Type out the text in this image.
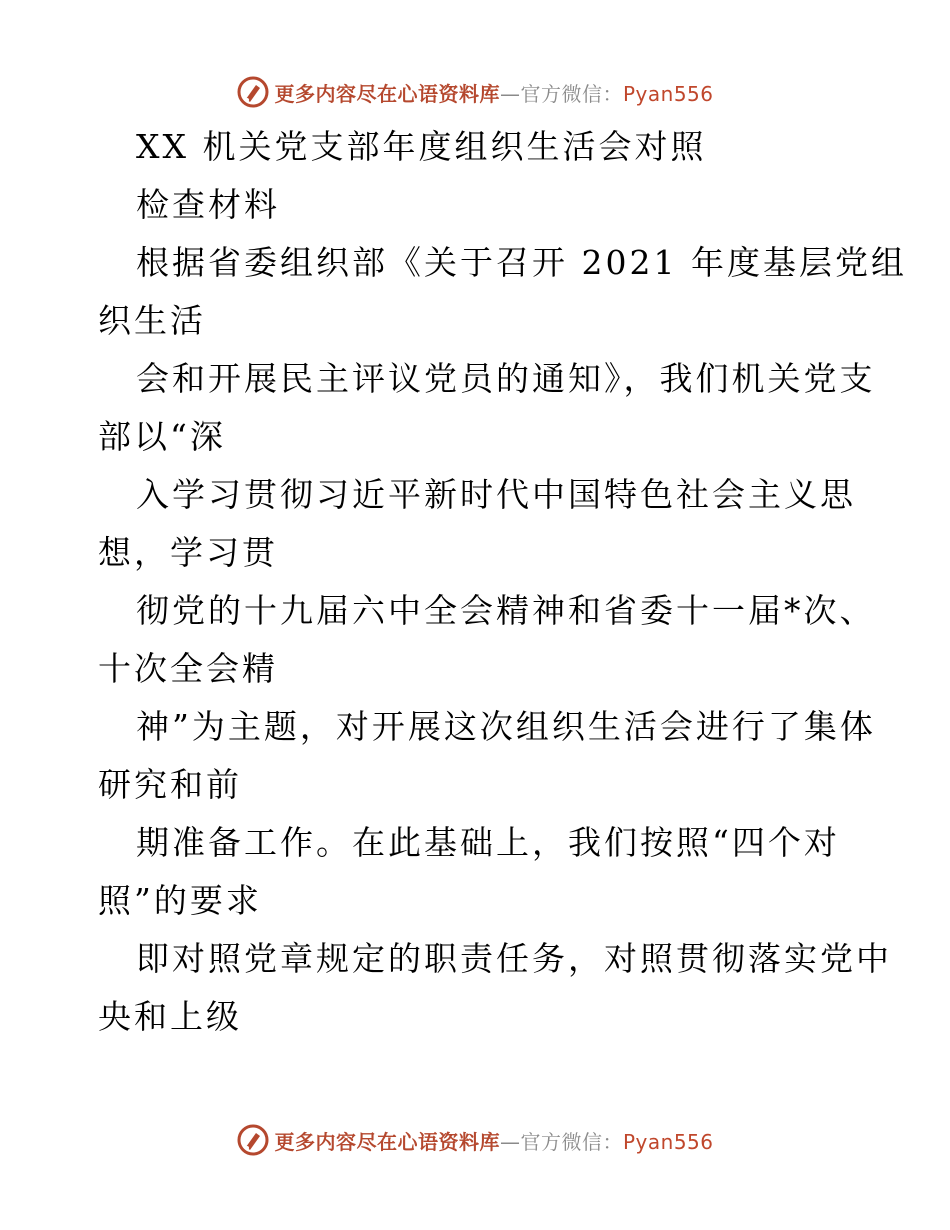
更多内容尽在心语资料库—官方微信：Pyan556
XX 机关党支部年度组织生活会对照
检查材料
根据省委组织部《关于召开 2021 年度基层党组
织生活
会和开展民主评议党员的通知》，我们机关党支
部以“深
入学习贯彻习近平新时代中国特色社会主义思
想，学习贯
彻党的十九届六中全会精神和省委十一届*次、
十次全会精
神”为主题，对开展这次组织生活会进行了集体
研究和前
期准备工作。在此基础上，我们按照“四个对
照”的要求
即对照党章规定的职责任务，对照贯彻落实党中
央和上级
更多内容尽在心语资料库—官方微信：Pyan556
